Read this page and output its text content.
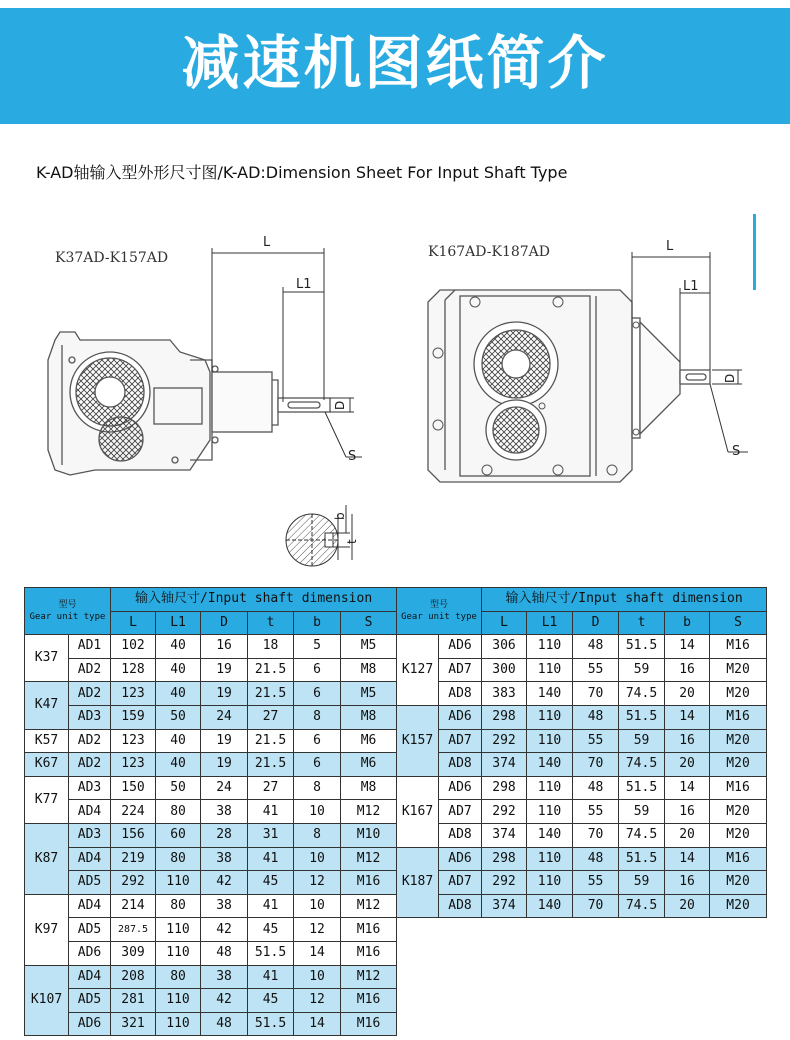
减速机图纸简介
K-AD轴输入型外形尺寸图/K-AD:Dimension Sheet For Input Shaft Type
K37AD-K157AD
L
L1
D
S
b
t
K167AD-K187AD	L
L1
D
S
型号
Gear unit type		输入轴尺寸/Input shaft dimension					
		L	L1	D	t	b	S
K37	AD1	102	40	16	18	5	M5
	AD2	128	40	19	21.5	6	M8
K47	AD2	123	40	19	21.5	6	M5
	AD3	159	50	24	27	8	M8
K57	AD2	123	40	19	21.5	6	M6
K67	AD2	123	40	19	21.5	6	M6
K77	AD3	150	50	24	27	8	M8
	AD4	224	80	38	41	10	M12
K87	AD3	156	60	28	31	8	M10
	AD4	219	80	38	41	10	M12
	AD5	292	110	42	45	12	M16
K97	AD4	214	80	38	41	10	M12
	AD5	287.5	110	42	45	12	M16
	AD6	309	110	48	51.5	14	M16
K107	AD4	208	80	38	41	10	M12
	AD5	281	110	42	45	12	M16
	AD6	321	110	48	51.5	14	M16
型号
Gear unit type		输入轴尺寸/Input shaft dimension					
		L	L1	D	t	b	S
K127	AD6	306	110	48	51.5	14	M16
	AD7	300	110	55	59	16	M20
	AD8	383	140	70	74.5	20	M20
K157	AD6	298	110	48	51.5	14	M16
	AD7	292	110	55	59	16	M20
	AD8	374	140	70	74.5	20	M20
K167	AD6	298	110	48	51.5	14	M16
	AD7	292	110	55	59	16	M20
	AD8	374	140	70	74.5	20	M20
K187	AD6	298	110	48	51.5	14	M16
	AD7	292	110	55	59	16	M20
	AD8	374	140	70	74.5	20	M20
